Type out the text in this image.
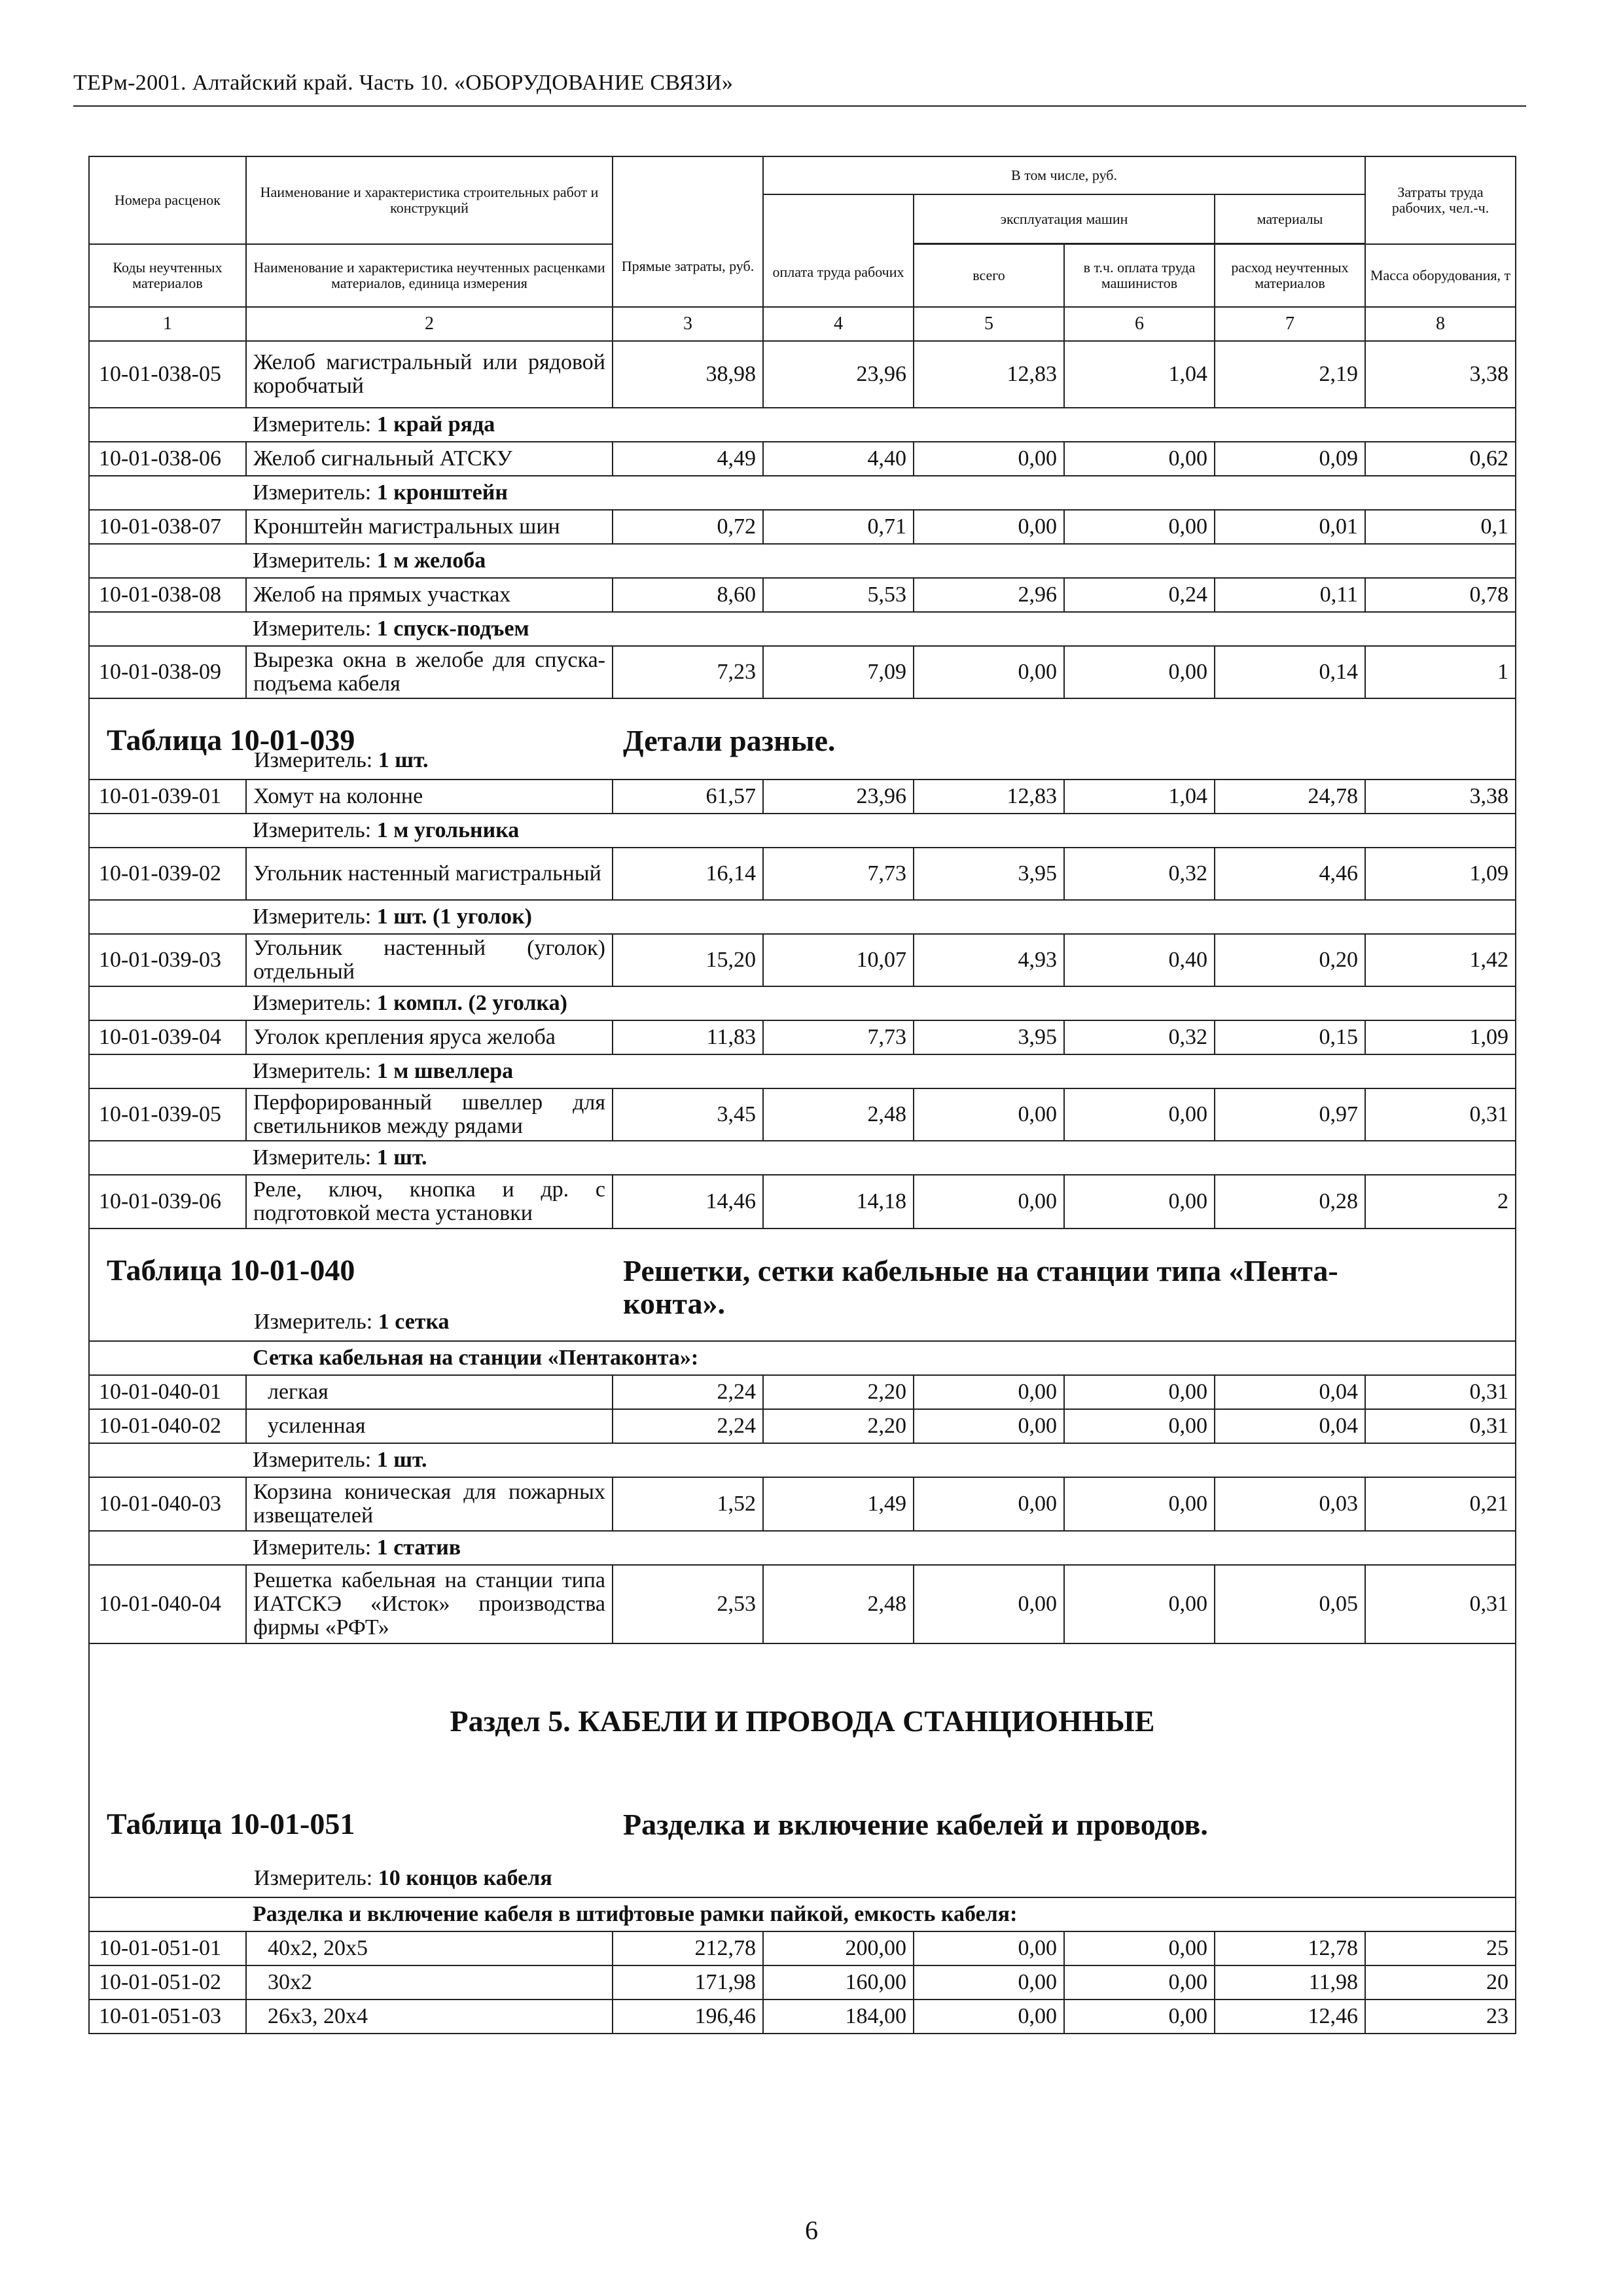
ТЕРм-2001. Алтайский край. Часть 10. «ОБОРУДОВАНИЕ СВЯЗИ»
Номера расценок	Наименование и характеристика строительных работ и конструкций	Прямые затраты, руб.	В том числе, руб.				Затраты труда рабочих, чел.-ч.
			оплата труда рабочих	эксплуатация машин		материалы	

Коды неучтенных материалов	Наименование и характеристика неучтенных расценками материалов, единица измерения			всего	в т.ч. оплата труда машинистов	расход неучтенных материалов	Масса оборудования, т
1	2	3	4	5	6	7	8
10-01-038-05	Желоб магистральный или рядовой коробчатый	38,98	23,96	12,83	1,04	2,19	3,38
	Измеритель: 1 край ряда						
10-01-038-06	Желоб сигнальный АТСКУ	4,49	4,40	0,00	0,00	0,09	0,62
	Измеритель: 1 кронштейн						
10-01-038-07	Кронштейн магистральных шин	0,72	0,71	0,00	0,00	0,01	0,1
	Измеритель: 1 м желоба						
10-01-038-08	Желоб на прямых участках	8,60	5,53	2,96	0,24	0,11	0,78
	Измеритель: 1 спуск-подъем						
10-01-038-09	Вырезка окна в желобе для спуска-подъема кабеля	7,23	7,09	0,00	0,00	0,14	1

Таблица 10-01-039 Детали разные.
Измеритель: 1 шт.							

10-01-039-01	Хомут на колонне	61,57	23,96	12,83	1,04	24,78	3,38
	Измеритель: 1 м угольника						
10-01-039-02	Угольник настенный магистральный	16,14	7,73	3,95	0,32	4,46	1,09
	Измеритель: 1 шт. (1 уголок)						
10-01-039-03	Угольник настенный (уголок) отдельный	15,20	10,07	4,93	0,40	0,20	1,42
	Измеритель: 1 компл. (2 уголка)						
10-01-039-04	Уголок крепления яруса желоба	11,83	7,73	3,95	0,32	0,15	1,09
	Измеритель: 1 м швеллера						
10-01-039-05	Перфорированный швеллер для светильников между рядами	3,45	2,48	0,00	0,00	0,97	0,31
	Измеритель: 1 шт.						
10-01-039-06	Реле, ключ, кнопка и др. с подготовкой места установки	14,46	14,18	0,00	0,00	0,28	2

Таблица 10-01-040 Решетки, сетки кабельные на станции типа «Пента-
конта».
Измеритель: 1 сетка							

	Сетка кабельная на станции «Пентаконта»:						
10-01-040-01	легкая	2,24	2,20	0,00	0,00	0,04	0,31
10-01-040-02	усиленная	2,24	2,20	0,00	0,00	0,04	0,31
	Измеритель: 1 шт.						
10-01-040-03	Корзина коническая для пожарных извещателей	1,52	1,49	0,00	0,00	0,03	0,21
	Измеритель: 1 статив						
10-01-040-04	Решетка кабельная на станции типа ИАТСКЭ «Исток» производства фирмы «РФТ»	2,53	2,48	0,00	0,00	0,05	0,31

Раздел 5. КАБЕЛИ И ПРОВОДА СТАНЦИОННЫЕ
Таблица 10-01-051 Разделка и включение кабелей и проводов.
Измеритель: 10 концов кабеля							

	Разделка и включение кабеля в штифтовые рамки пайкой, емкость кабеля:						
10-01-051-01	40х2, 20х5	212,78	200,00	0,00	0,00	12,78	25
10-01-051-02	30х2	171,98	160,00	0,00	0,00	11,98	20
10-01-051-03	26х3, 20х4	196,46	184,00	0,00	0,00	12,46	23
6
